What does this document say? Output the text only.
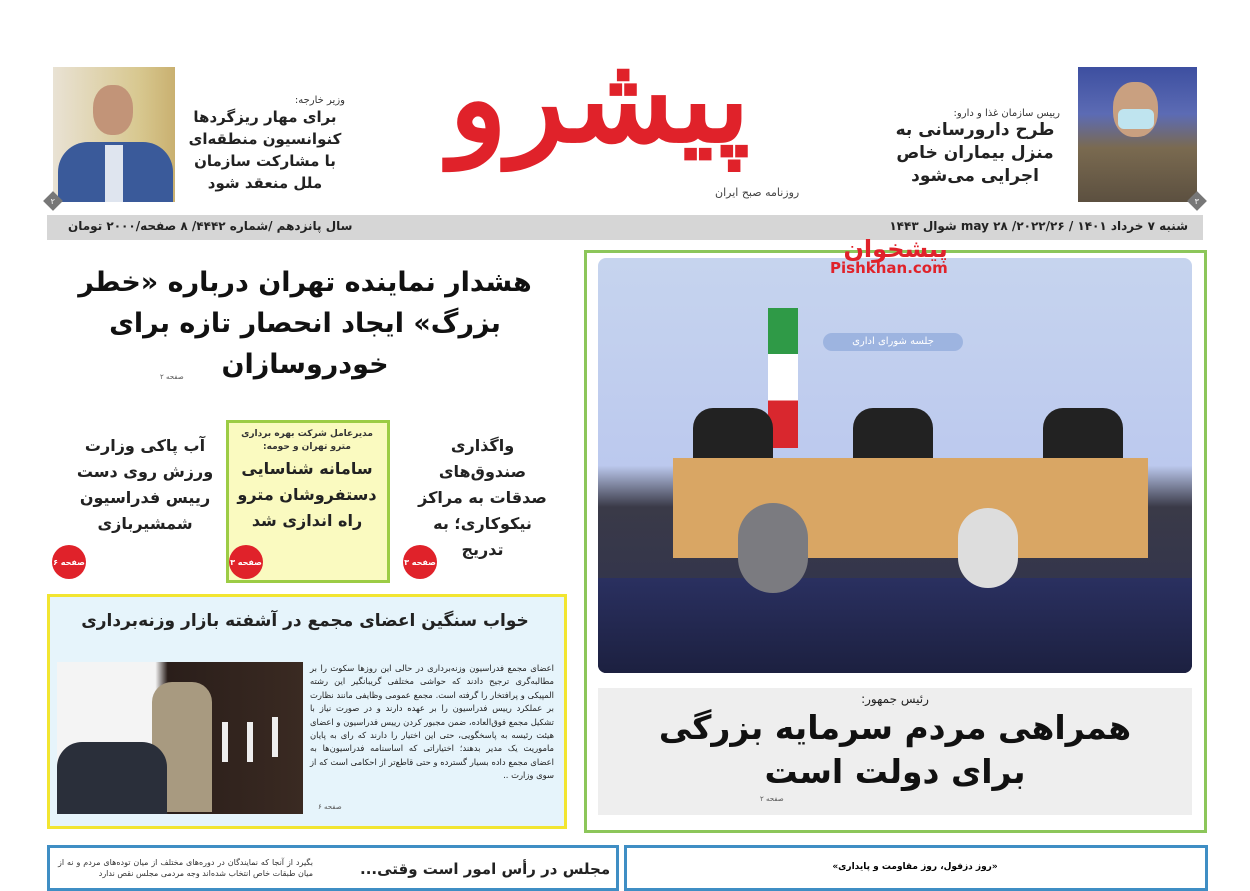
پیشرو
روزنامه صبح ایران
۳
رییس سازمان غذا و دارو:
طرح دارورسانی به منزل بیماران خاص اجرایی می‌شود
۲
وزیر خارجه:
برای مهار ریزگردها کنوانسیون منطقه‌ای با مشارکت سازمان ملل منعقد شود
سال پانزدهم /شماره ۴۴۴۲/ ۸ صفحه/۲۰۰۰ تومان	شنبه ۷ خرداد ۱۴۰۱ / may ۲۸ /۲۰۲۲/۲۶ شوال ۱۴۴۳
هشدار نماینده تهران درباره «خطر بزرگ» ایجاد انحصار تازه برای خودروسازان
صفحه ۲
واگذاری صندوق‌های صدقات به مراکز نیکوکاری؛ به تدریج
صفحه ۳
مدیرعامل شرکت بهره برداری مترو تهران و حومه:
سامانه شناسایی دستفروشان مترو راه اندازی شد
صفحه ۳
آب پاکی وزارت ورزش روی دست رییس فدراسیون شمشیربازی
صفحه ۶
خواب سنگین اعضای مجمع در آشفته بازار وزنه‌برداری
اعضای مجمع فدراسیون وزنه‌برداری در حالی این روزها سکوت را بر مطالبه‌گری ترجیح دادند که حواشی مختلفی گریبانگیر این رشته المپیکی و پرافتخار را گرفته است. مجمع عمومی وظایفی مانند نظارت بر عملکرد رییس فدراسیون را بر عهده دارند و در صورت نیاز با تشکیل مجمع فوق‌العاده، ضمن مجبور کردن رییس فدراسیون و اعضای هیئت رئیسه به پاسخگویی، حتی این اختیار را دارند که رای به پایان ماموریت یک مدیر بدهند؛ اختیاراتی که اساسنامه فدراسیون‌ها به اعضای مجمع داده بسیار گسترده و حتی قاطع‌تر از احکامی است که از سوی وزارت ..
صفحه ۶
جلسه شورای اداری
رئیس جمهور:
همراهی مردم سرمایه بزرگی برای دولت است
صفحه ۲
پیشخوان
Pishkhan.com
مجلس در رأس امور است وقتی...
بگیرد از آنجا که نمایندگان در دوره‌های مختلف از میان توده‌های مردم و نه از میان طبقات خاص انتخاب شده‌اند وجه مردمی مجلس نقص ندارد
«روز دزفول، روز مقاومت و پایداری»
